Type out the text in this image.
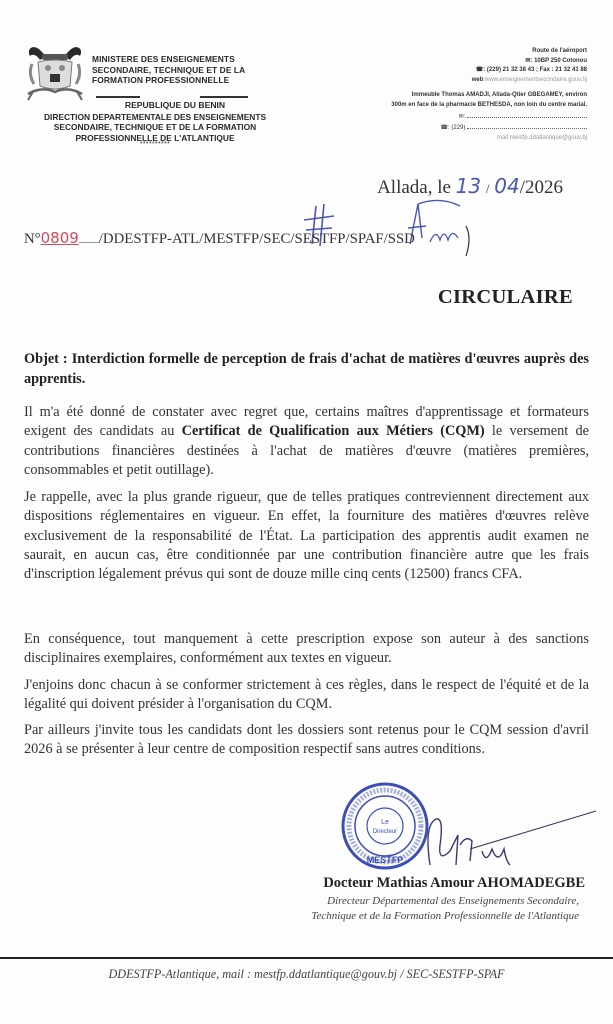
MINISTERE DES ENSEIGNEMENTS
SECONDAIRE, TECHNIQUE ET DE LA
FORMATION PROFESSIONNELLE
REPUBLIQUE DU BENIN
DIRECTION DEPARTEMENTALE DES ENSEIGNEMENTS
SECONDAIRE, TECHNIQUE ET DE LA FORMATION
PROFESSIONNELLE DE L'ATLANTIQUE
**********
Route de l'aéroport
✉: 10BP 250 Cotonou
☎: (229) 21 32 38 43 ; Fax : 21 32 41 88
web:www.enseignementsecondaire.gouv.bj
Immeuble Thomas AMADJI, Allada-Qtier GBEGAMEY, environ
300m en face de la pharmacie BETHESDA, non loin du centre marial.
✉:
☎: (229)
mail:mestfp.ddatlantique@gouv.bj
Allada, le 13 / 04/2026
N°0809 /DDESTFP-ATL/MESTFP/SEC/SESTFP/SPAF/SSD
CIRCULAIRE
Objet : Interdiction formelle de perception de frais d'achat de matières d'œuvres auprès des apprentis.
Il m'a été donné de constater avec regret que, certains maîtres d'apprentissage et formateurs exigent des candidats au Certificat de Qualification aux Métiers (CQM) le versement de contributions financières destinées à l'achat de matières d'œuvre (matières premières, consommables et petit outillage).
Je rappelle, avec la plus grande rigueur, que de telles pratiques contreviennent directement aux dispositions réglementaires en vigueur. En effet, la fourniture des matières d'œuvres relève exclusivement de la responsabilité de l'État. La participation des apprentis audit examen ne saurait, en aucun cas, être conditionnée par une contribution financière autre que les frais d'inscription légalement prévus qui sont de douze mille cinq cents (12500) francs CFA.
En conséquence, tout manquement à cette prescription expose son auteur à des sanctions disciplinaires exemplaires, conformément aux textes en vigueur.
J'enjoins donc chacun à se conformer strictement à ces règles, dans le respect de l'équité et de la légalité qui doivent présider à l'organisation du CQM.
Par ailleurs j'invite tous les candidats dont les dossiers sont retenus pour le CQM session d'avril 2026 à se présenter à leur centre de composition respectif sans autres conditions.
Le
Directeur
MESTFP
Docteur Mathias Amour AHOMADEGBE
Directeur Départemental des Enseignements Secondaire,
Technique et de la Formation Professionnelle de l'Atlantique
DDESTFP-Atlantique, mail : mestfp.ddatlantique@gouv.bj / SEC-SESTFP-SPAF
